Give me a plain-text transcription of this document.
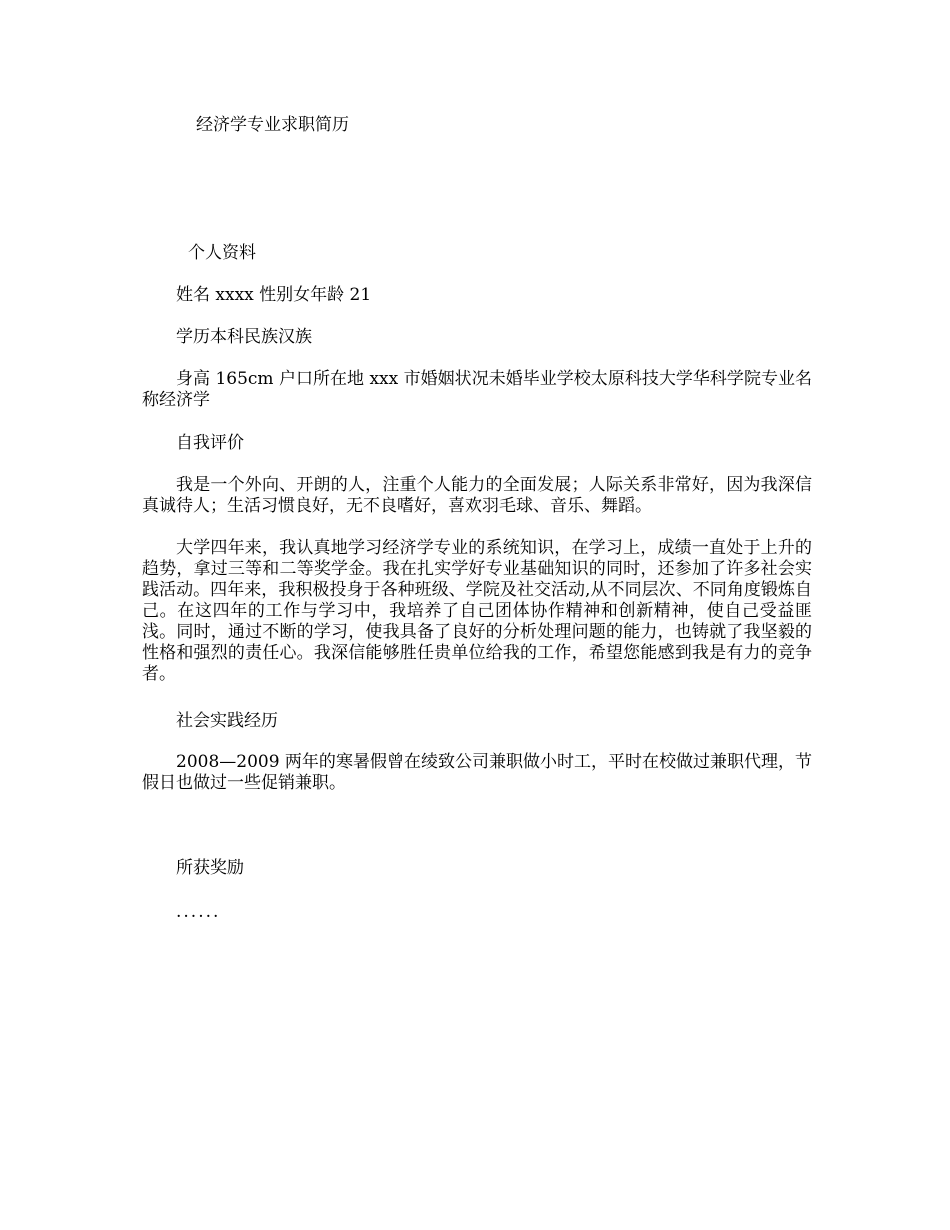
经济学专业求职简历

个人资料

姓名 xxxx 性别女年龄 21

学历本科民族汉族

身高 165cm 户口所在地 xxx 市婚姻状况未婚毕业学校太原科技大学华科学院专业名称经济学

自我评价

我是一个外向、开朗的人，注重个人能力的全面发展；人际关系非常好，因为我深信真诚待人；生活习惯良好，无不良嗜好，喜欢羽毛球、音乐、舞蹈。

大学四年来，我认真地学习经济学专业的系统知识，在学习上，成绩一直处于上升的趋势，拿过三等和二等奖学金。我在扎实学好专业基础知识的同时，还参加了许多社会实践活动。四年来，我积极投身于各种班级、学院及社交活动,从不同层次、不同角度锻炼自己。在这四年的工作与学习中，我培养了自己团体协作精神和创新精神，使自己受益匪浅。同时，通过不断的学习，使我具备了良好的分析处理问题的能力，也铸就了我坚毅的性格和强烈的责任心。我深信能够胜任贵单位给我的工作，希望您能感到我是有力的竞争者。

社会实践经历

2008—2009 两年的寒暑假曾在绫致公司兼职做小时工，平时在校做过兼职代理，节假日也做过一些促销兼职。

所获奖励

......
